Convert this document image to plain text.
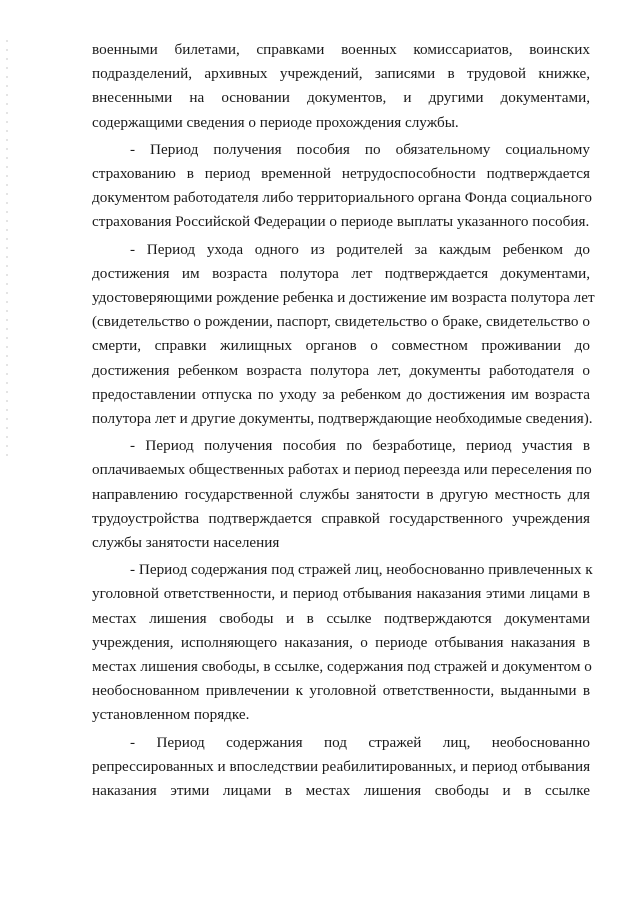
военными билетами, справками военных комиссариатов, воинских
подразделений, архивных учреждений, записями в трудовой книжке,
внесенными на основании документов, и другими документами,
содержащими сведения о периоде прохождения службы.

- Период получения пособия по обязательному социальному
страхованию в период временной нетрудоспособности подтверждается
документом работодателя либо территориального органа Фонда социального
страхования Российской Федерации о периоде выплаты указанного пособия.

- Период ухода одного из родителей за каждым ребенком до
достижения им возраста полутора лет подтверждается документами,
удостоверяющими рождение ребенка и достижение им возраста полутора лет
(свидетельство о рождении, паспорт, свидетельство о браке, свидетельство о
смерти, справки жилищных органов о совместном проживании до
достижения ребенком возраста полутора лет, документы работодателя о
предоставлении отпуска по уходу за ребенком до достижения им возраста
полутора лет и другие документы, подтверждающие необходимые сведения).

- Период получения пособия по безработице, период участия в
оплачиваемых общественных работах и период переезда или переселения по
направлению государственной службы занятости в другую местность для
трудоустройства подтверждается справкой государственного учреждения
службы занятости населения

- Период содержания под стражей лиц, необоснованно привлеченных к
уголовной ответственности, и период отбывания наказания этими лицами в
местах лишения свободы и в ссылке подтверждаются документами
учреждения, исполняющего наказания, о периоде отбывания наказания в
местах лишения свободы, в ссылке, содержания под стражей и документом о
необоснованном привлечении к уголовной ответственности, выданными в
установленном порядке.

- Период содержания под стражей лиц, необоснованно
репрессированных и впоследствии реабилитированных, и период отбывания
наказания этими лицами в местах лишения свободы и в ссылке
